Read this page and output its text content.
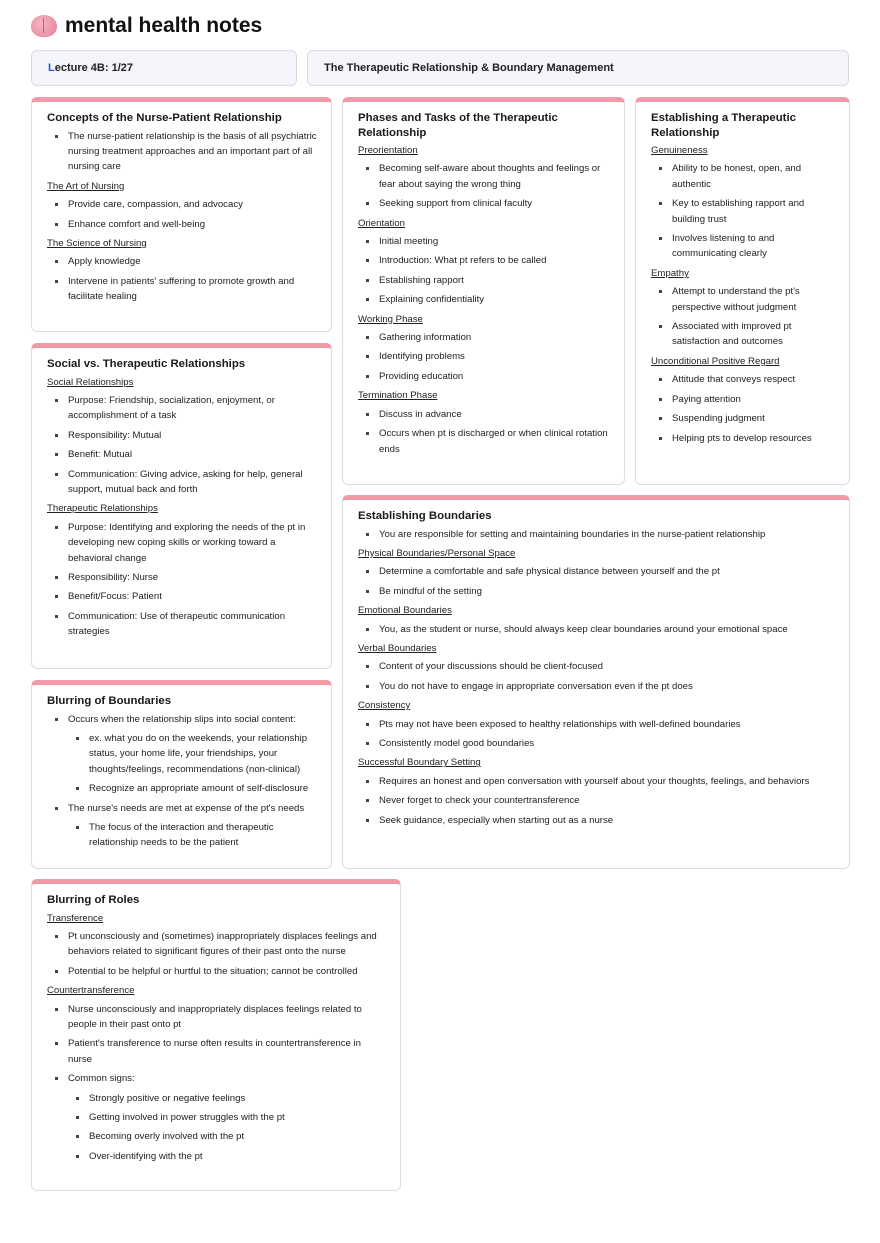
mental health notes
L ecture 4B: 1/27	The Therapeutic Relationship & Boundary Management
Concepts of the Nurse-Patient Relationship
The nurse-patient relationship is the basis of all psychiatric nursing treatment approaches and an important part of all nursing care
The Art of Nursing
Provide care, compassion, and advocacy
Enhance comfort and well-being
The Science of Nursing
Apply knowledge
Intervene in patients' suffering to promote growth and facilitate healing
Social vs. Therapeutic Relationships
Social Relationships
Purpose: Friendship, socialization, enjoyment, or accomplishment of a task
Responsibility: Mutual
Benefit: Mutual
Communication: Giving advice, asking for help, general support, mutual back and forth
Therapeutic Relationships
Purpose: Identifying and exploring the needs of the pt in developing new coping skills or working toward a behavioral change
Responsibility: Nurse
Benefit/Focus: Patient
Communication: Use of therapeutic communication strategies
Blurring of Boundaries
Occurs when the relationship slips into social content:
ex. what you do on the weekends, your relationship status, your home life, your friendships, your thoughts/feelings, recommendations (non-clinical)
Recognize an appropriate amount of self-disclosure
The nurse's needs are met at expense of the pt's needs
The focus of the interaction and therapeutic relationship needs to be the patient
Blurring of Roles
Transference
Pt unconsciously and (sometimes) inappropriately displaces feelings and behaviors related to significant figures of their past onto the nurse
Potential to be helpful or hurtful to the situation; cannot be controlled
Countertransference
Nurse unconsciously and inappropriately displaces feelings related to people in their past onto pt
Patient's transference to nurse often results in countertransference in nurse
Common signs:
Strongly positive or negative feelings
Getting involved in power struggles with the pt
Becoming overly involved with the pt
Over-identifying with the pt
Phases and Tasks of the Therapeutic Relationship
Preorientation
Becoming self-aware about thoughts and feelings or fear about saying the wrong thing
Seeking support from clinical faculty
Orientation
Initial meeting
Introduction: What pt refers to be called
Establishing rapport
Explaining confidentiality
Working Phase
Gathering information
Identifying problems
Providing education
Termination Phase
Discuss in advance
Occurs when pt is discharged or when clinical rotation ends
Establishing a Therapeutic Relationship
Genuineness
Ability to be honest, open, and authentic
Key to establishing rapport and building trust
Involves listening to and communicating clearly
Empathy
Attempt to understand the pt's perspective without judgment
Associated with improved pt satisfaction and outcomes
Unconditional Positive Regard
Attitude that conveys respect
Paying attention
Suspending judgment
Helping pts to develop resources
Establishing Boundaries
You are responsible for setting and maintaining boundaries in the nurse-patient relationship
Physical Boundaries/Personal Space
Determine a comfortable and safe physical distance between yourself and the pt
Be mindful of the setting
Emotional Boundaries
You, as the student or nurse, should always keep clear boundaries around your emotional space
Verbal Boundaries
Content of your discussions should be client-focused
You do not have to engage in appropriate conversation even if the pt does
Consistency
Pts may not have been exposed to healthy relationships with well-defined boundaries
Consistently model good boundaries
Successful Boundary Setting
Requires an honest and open conversation with yourself about your thoughts, feelings, and behaviors
Never forget to check your countertransference
Seek guidance, especially when starting out as a nurse
